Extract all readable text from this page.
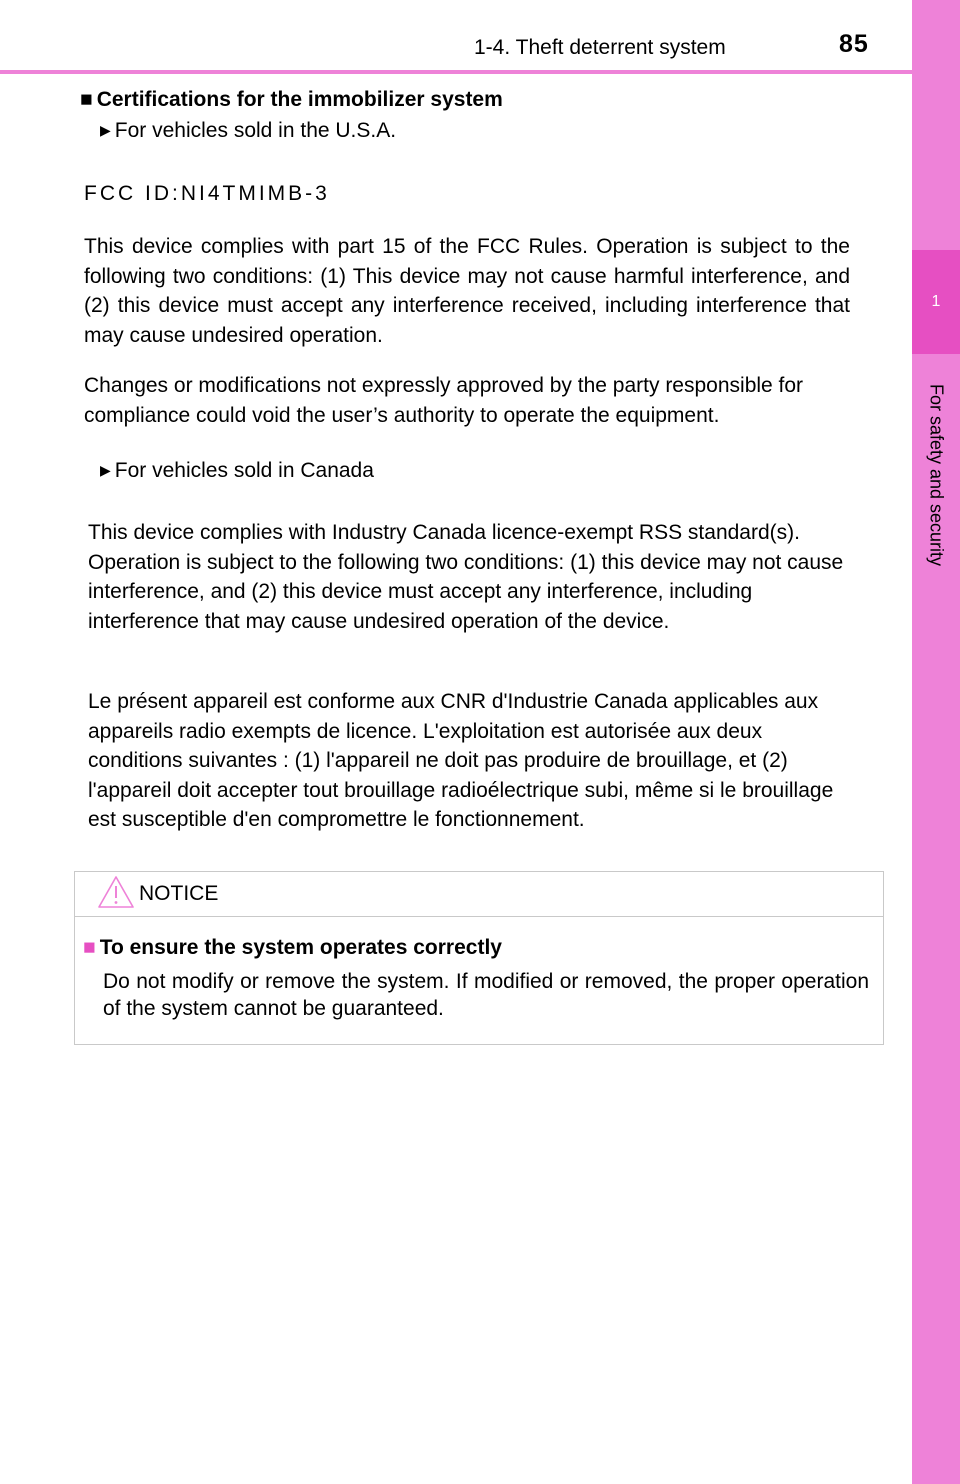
1-4. Theft deterrent system	85
1
For safety and security
■ Certifications for the immobilizer system
▶ For vehicles sold in the U.S.A.
FCC ID:NI4TMIMB-3
This device complies with part 15 of the FCC Rules. Operation is subject to the following two conditions: (1) This device may not cause harmful interference, and (2) this device must accept any interference received, including interference that may cause undesired operation.
Changes or modifications not expressly approved by the party responsible for compliance could void the user’s authority to operate the equipment.
▶ For vehicles sold in Canada
This device complies with Industry Canada licence-exempt RSS standard(s). Operation is subject to the following two conditions: (1) this device may not cause interference, and (2) this device must accept any interference, including interference that may cause undesired operation of the device.
Le présent appareil est conforme aux CNR d'Industrie Canada applicables aux appareils radio exempts de licence. L'exploitation est autorisée aux deux conditions suivantes : (1) l'appareil ne doit pas produire de brouillage, et (2) l'appareil doit accepter tout brouillage radioélectrique subi, même si le brouillage est susceptible d'en compromettre le fonctionnement.
NOTICE
■ To ensure the system operates correctly
Do not modify or remove the system. If modified or removed, the proper operation of the system cannot be guaranteed.
